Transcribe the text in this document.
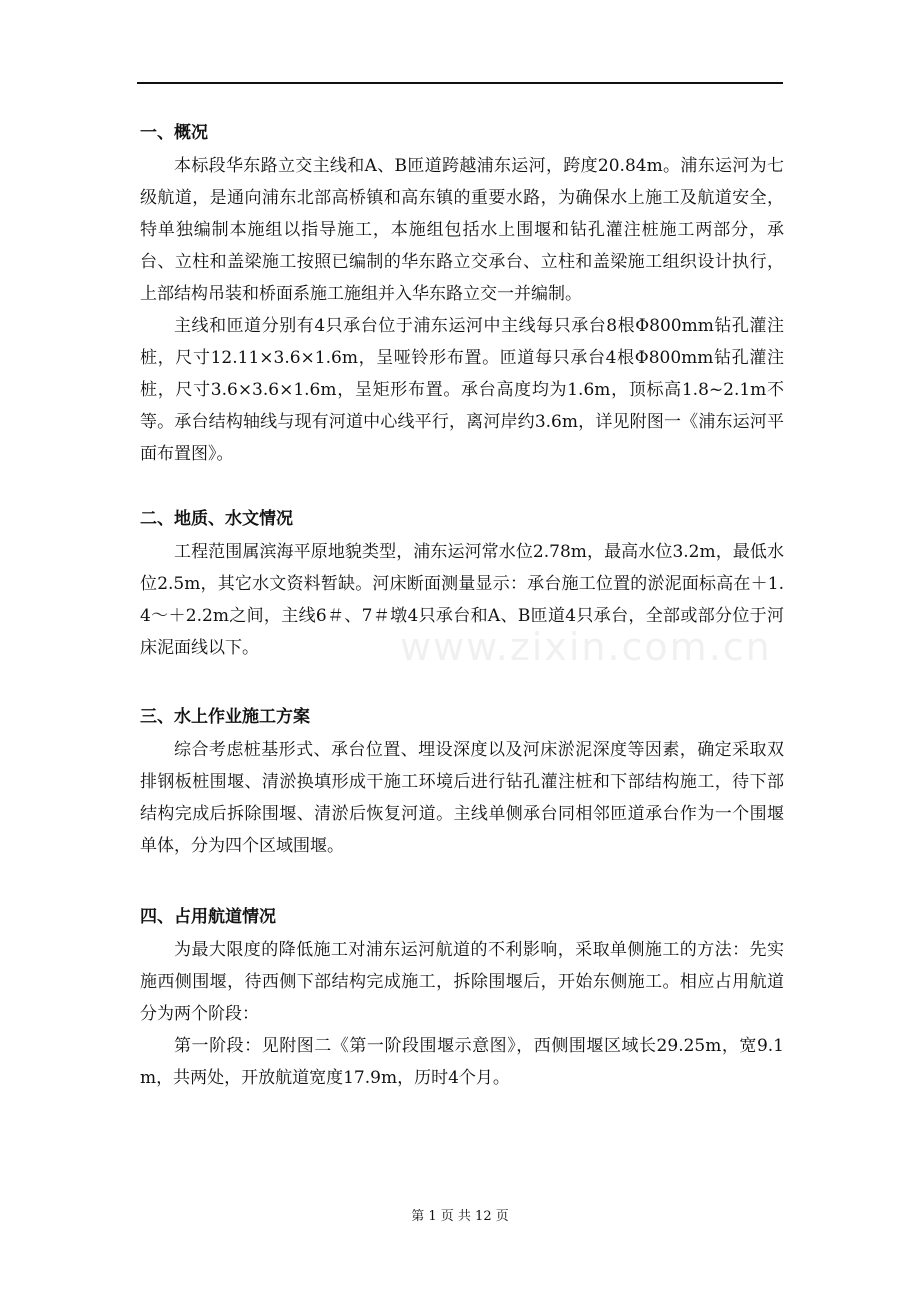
www.zixin.com.cn
一、概况

本标段华东路立交主线和A、B匝道跨越浦东运河，跨度20.84m。浦东运河为七级航道，是通向浦东北部高桥镇和高东镇的重要水路，为确保水上施工及航道安全，特单独编制本施组以指导施工，本施组包括水上围堰和钻孔灌注桩施工两部分，承台、立柱和盖梁施工按照已编制的华东路立交承台、立柱和盖梁施工组织设计执行，上部结构吊装和桥面系施工施组并入华东路立交一并编制。

主线和匝道分别有4只承台位于浦东运河中主线每只承台8根Φ800mm钻孔灌注桩，尺寸12.11×3.6×1.6m，呈哑铃形布置。匝道每只承台4根Φ800mm钻孔灌注桩，尺寸3.6×3.6×1.6m，呈矩形布置。承台高度均为1.6m，顶标高1.8~2.1m不等。承台结构轴线与现有河道中心线平行，离河岸约3.6m，详见附图一《浦东运河平面布置图》。

二、地质、水文情况

工程范围属滨海平原地貌类型，浦东运河常水位2.78m，最高水位3.2m，最低水位2.5m，其它水文资料暂缺。河床断面测量显示：承台施工位置的淤泥面标高在＋1.4～＋2.2m之间，主线6＃、7＃墩4只承台和A、B匝道4只承台，全部或部分位于河床泥面线以下。

三、水上作业施工方案

综合考虑桩基形式、承台位置、埋设深度以及河床淤泥深度等因素，确定采取双排钢板桩围堰、清淤换填形成干施工环境后进行钻孔灌注桩和下部结构施工，待下部结构完成后拆除围堰、清淤后恢复河道。主线单侧承台同相邻匝道承台作为一个围堰单体，分为四个区域围堰。

四、占用航道情况

为最大限度的降低施工对浦东运河航道的不利影响，采取单侧施工的方法：先实施西侧围堰，待西侧下部结构完成施工，拆除围堰后，开始东侧施工。相应占用航道分为两个阶段：

第一阶段：见附图二《第一阶段围堰示意图》，西侧围堰区域长29.25m，宽9.1m，共两处，开放航道宽度17.9m，历时4个月。

第 1 页 共 12 页
